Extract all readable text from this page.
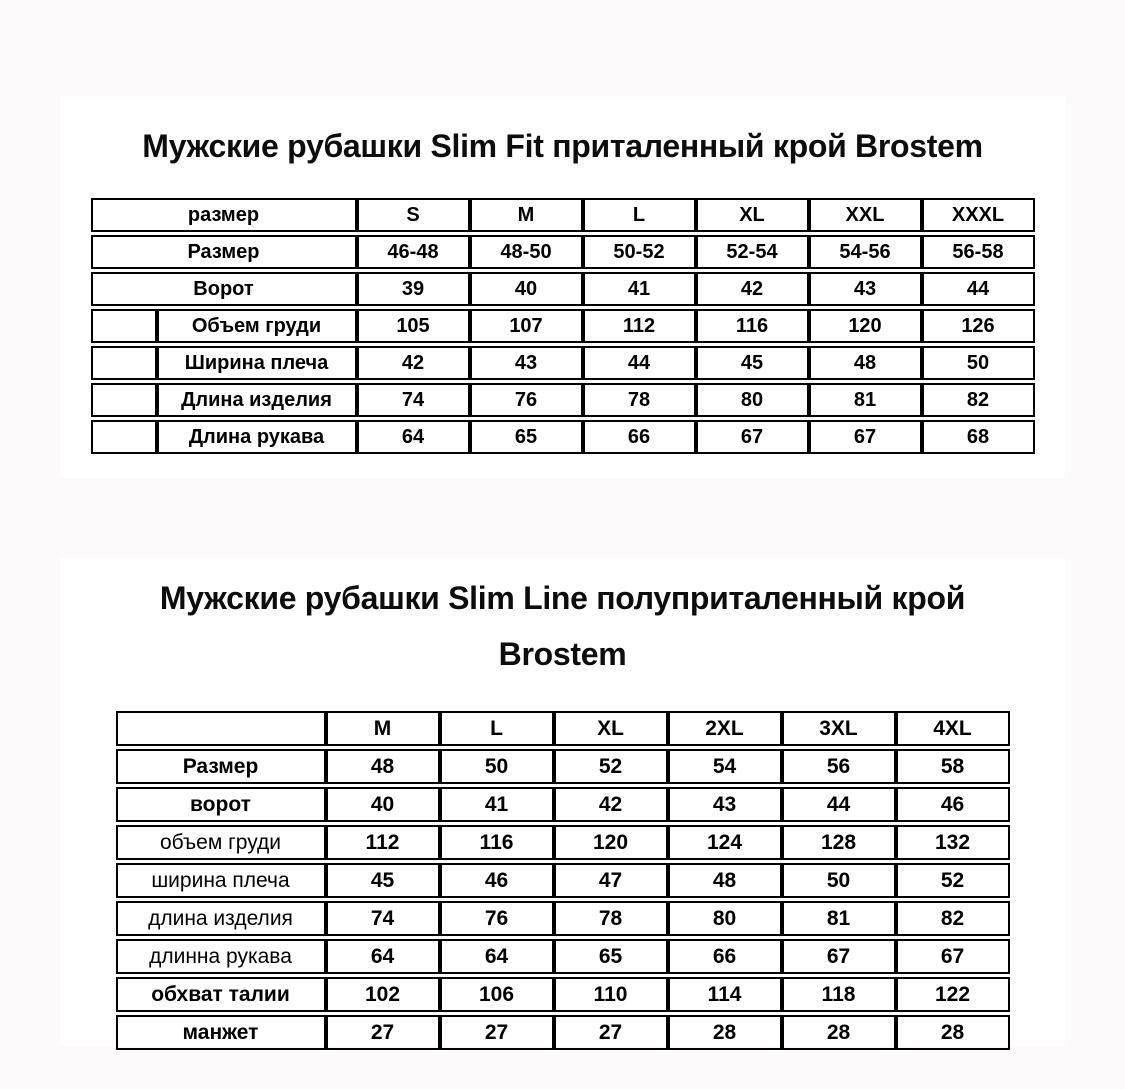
Мужские рубашки Slim Fit приталенный крой Brostem
размер		S	M	L	XL	XXL	XXXL
Размер		46-48	48-50	50-52	52-54	54-56	56-58
Ворот		39	40	41	42	43	44
	Объем груди	105	107	112	116	120	126
	Ширина плеча	42	43	44	45	48	50
	Длина изделия	74	76	78	80	81	82
	Длина рукава	64	65	66	67	67	68
Мужские рубашки Slim Line полуприталенный крой
Brostem
	M	L	XL	2XL	3XL	4XL
Размер	48	50	52	54	56	58
ворот	40	41	42	43	44	46
объем груди	112	116	120	124	128	132
ширина плеча	45	46	47	48	50	52
длина изделия	74	76	78	80	81	82
длинна рукава	64	64	65	66	67	67
обхват талии	102	106	110	114	118	122
манжет	27	27	27	28	28	28
